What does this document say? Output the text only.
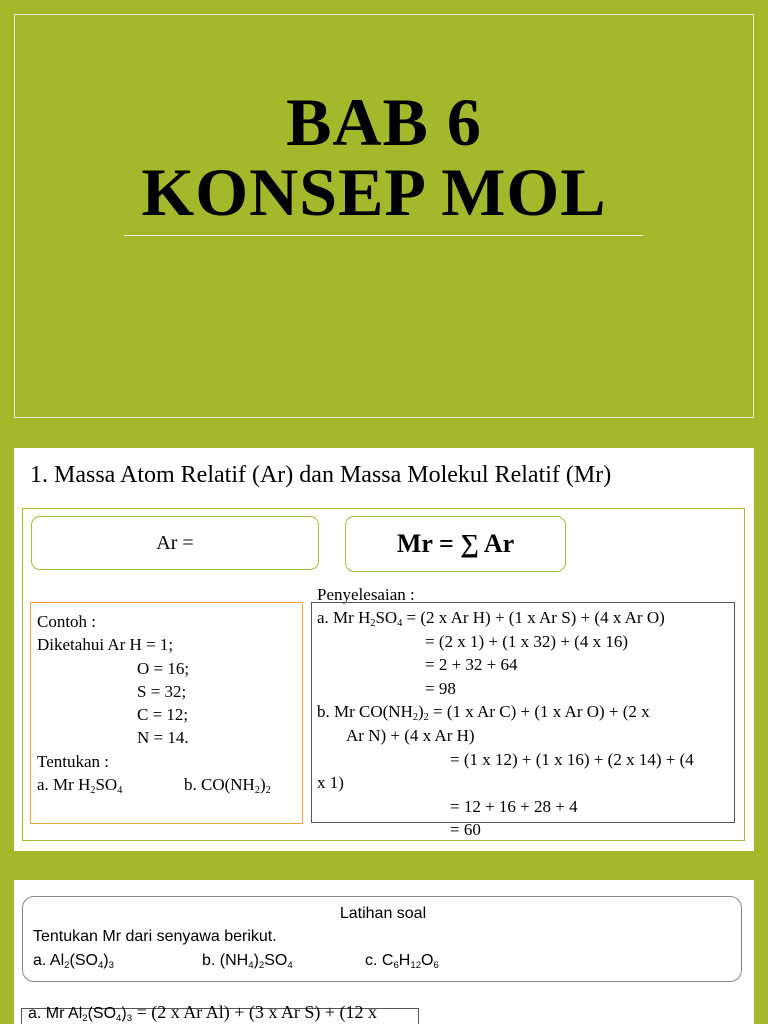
BAB 6
KONSEP MOL
1. Massa Atom Relatif (Ar) dan Massa Molekul Relatif (Mr)
Ar =	Mr = ∑ Ar
Contoh :
Diketahui Ar H = 1;
O = 16;
S = 32;
C = 12;
N = 14.
Tentukan :
a. Mr $H_2SO_4$	b. $CO(NH_2)_2$
Penyelesaian :
a. Mr $H_2SO_4 = (2$ x Ar H) + (1 x Ar S) + (4 x Ar O)
= (2 x 1) + (1 x 32) + (4 x 16)
= 2 + 32 + 64
= 98
b. Mr $CO(NH_2)_2 = (1$ x Ar C) + (1 x Ar O) + (2 x
Ar N) + (4 x Ar H)
= (1 x 12) + (1 x 16) + (2 x 14) + (4
x 1)
= 12 + 16 + 28 + 4
= 60
Latihan soal
Tentukan Mr dari senyawa berikut.
a. $Al_2(SO_4)_3$	b. $(NH_4)_2SO_4$	c. $C_6H_{12}O_6$
a. Mr $Al_2(SO_4)_3 = (2$ x Ar Al) + (3 x Ar S) + (12 x
